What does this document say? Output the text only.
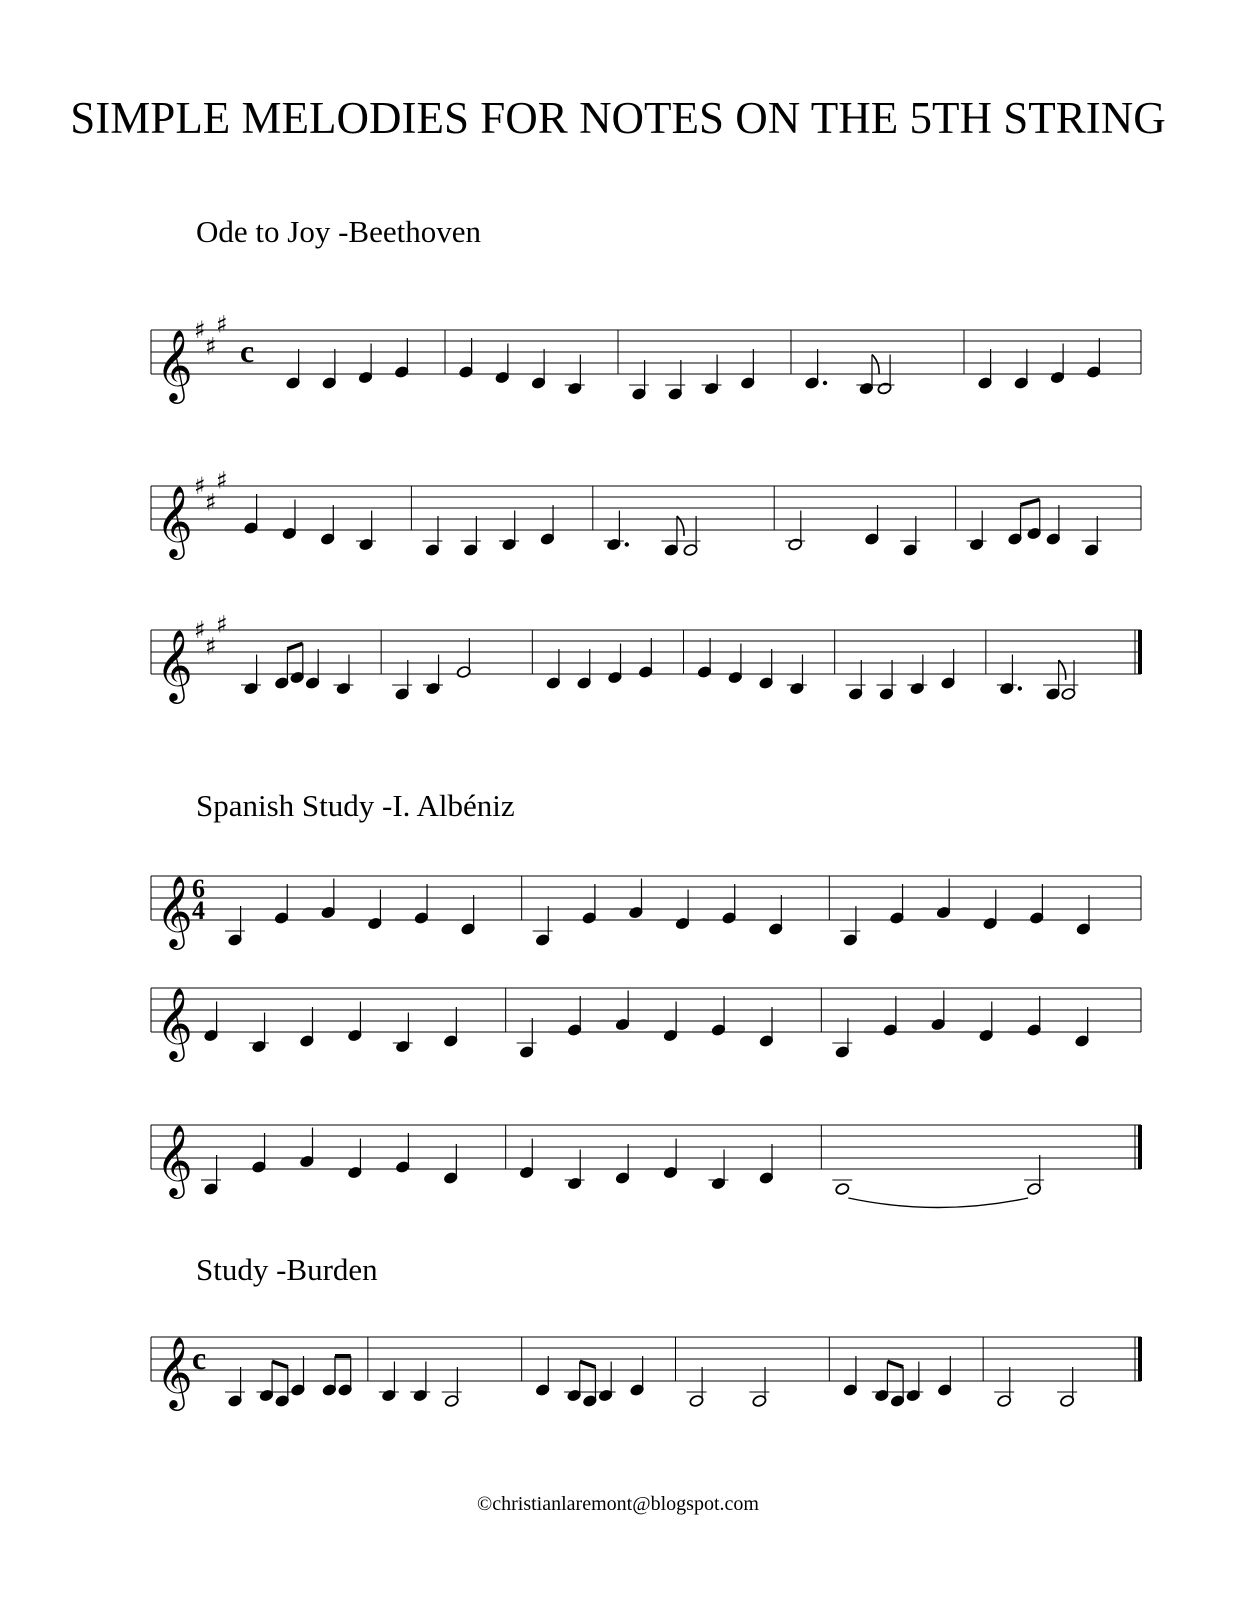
SIMPLE MELODIES FOR NOTES ON THE 5TH STRING
Ode to Joy -Beethoven
Spanish Study -I. Albéniz
Study -Burden
𝄞 ♯
♯
♯
c
𝄞 ♯
♯
♯
𝄞 ♯
♯
♯
𝄞 6
4
𝄞
𝄞
𝄞 c
©christianlaremont@blogspot.com
